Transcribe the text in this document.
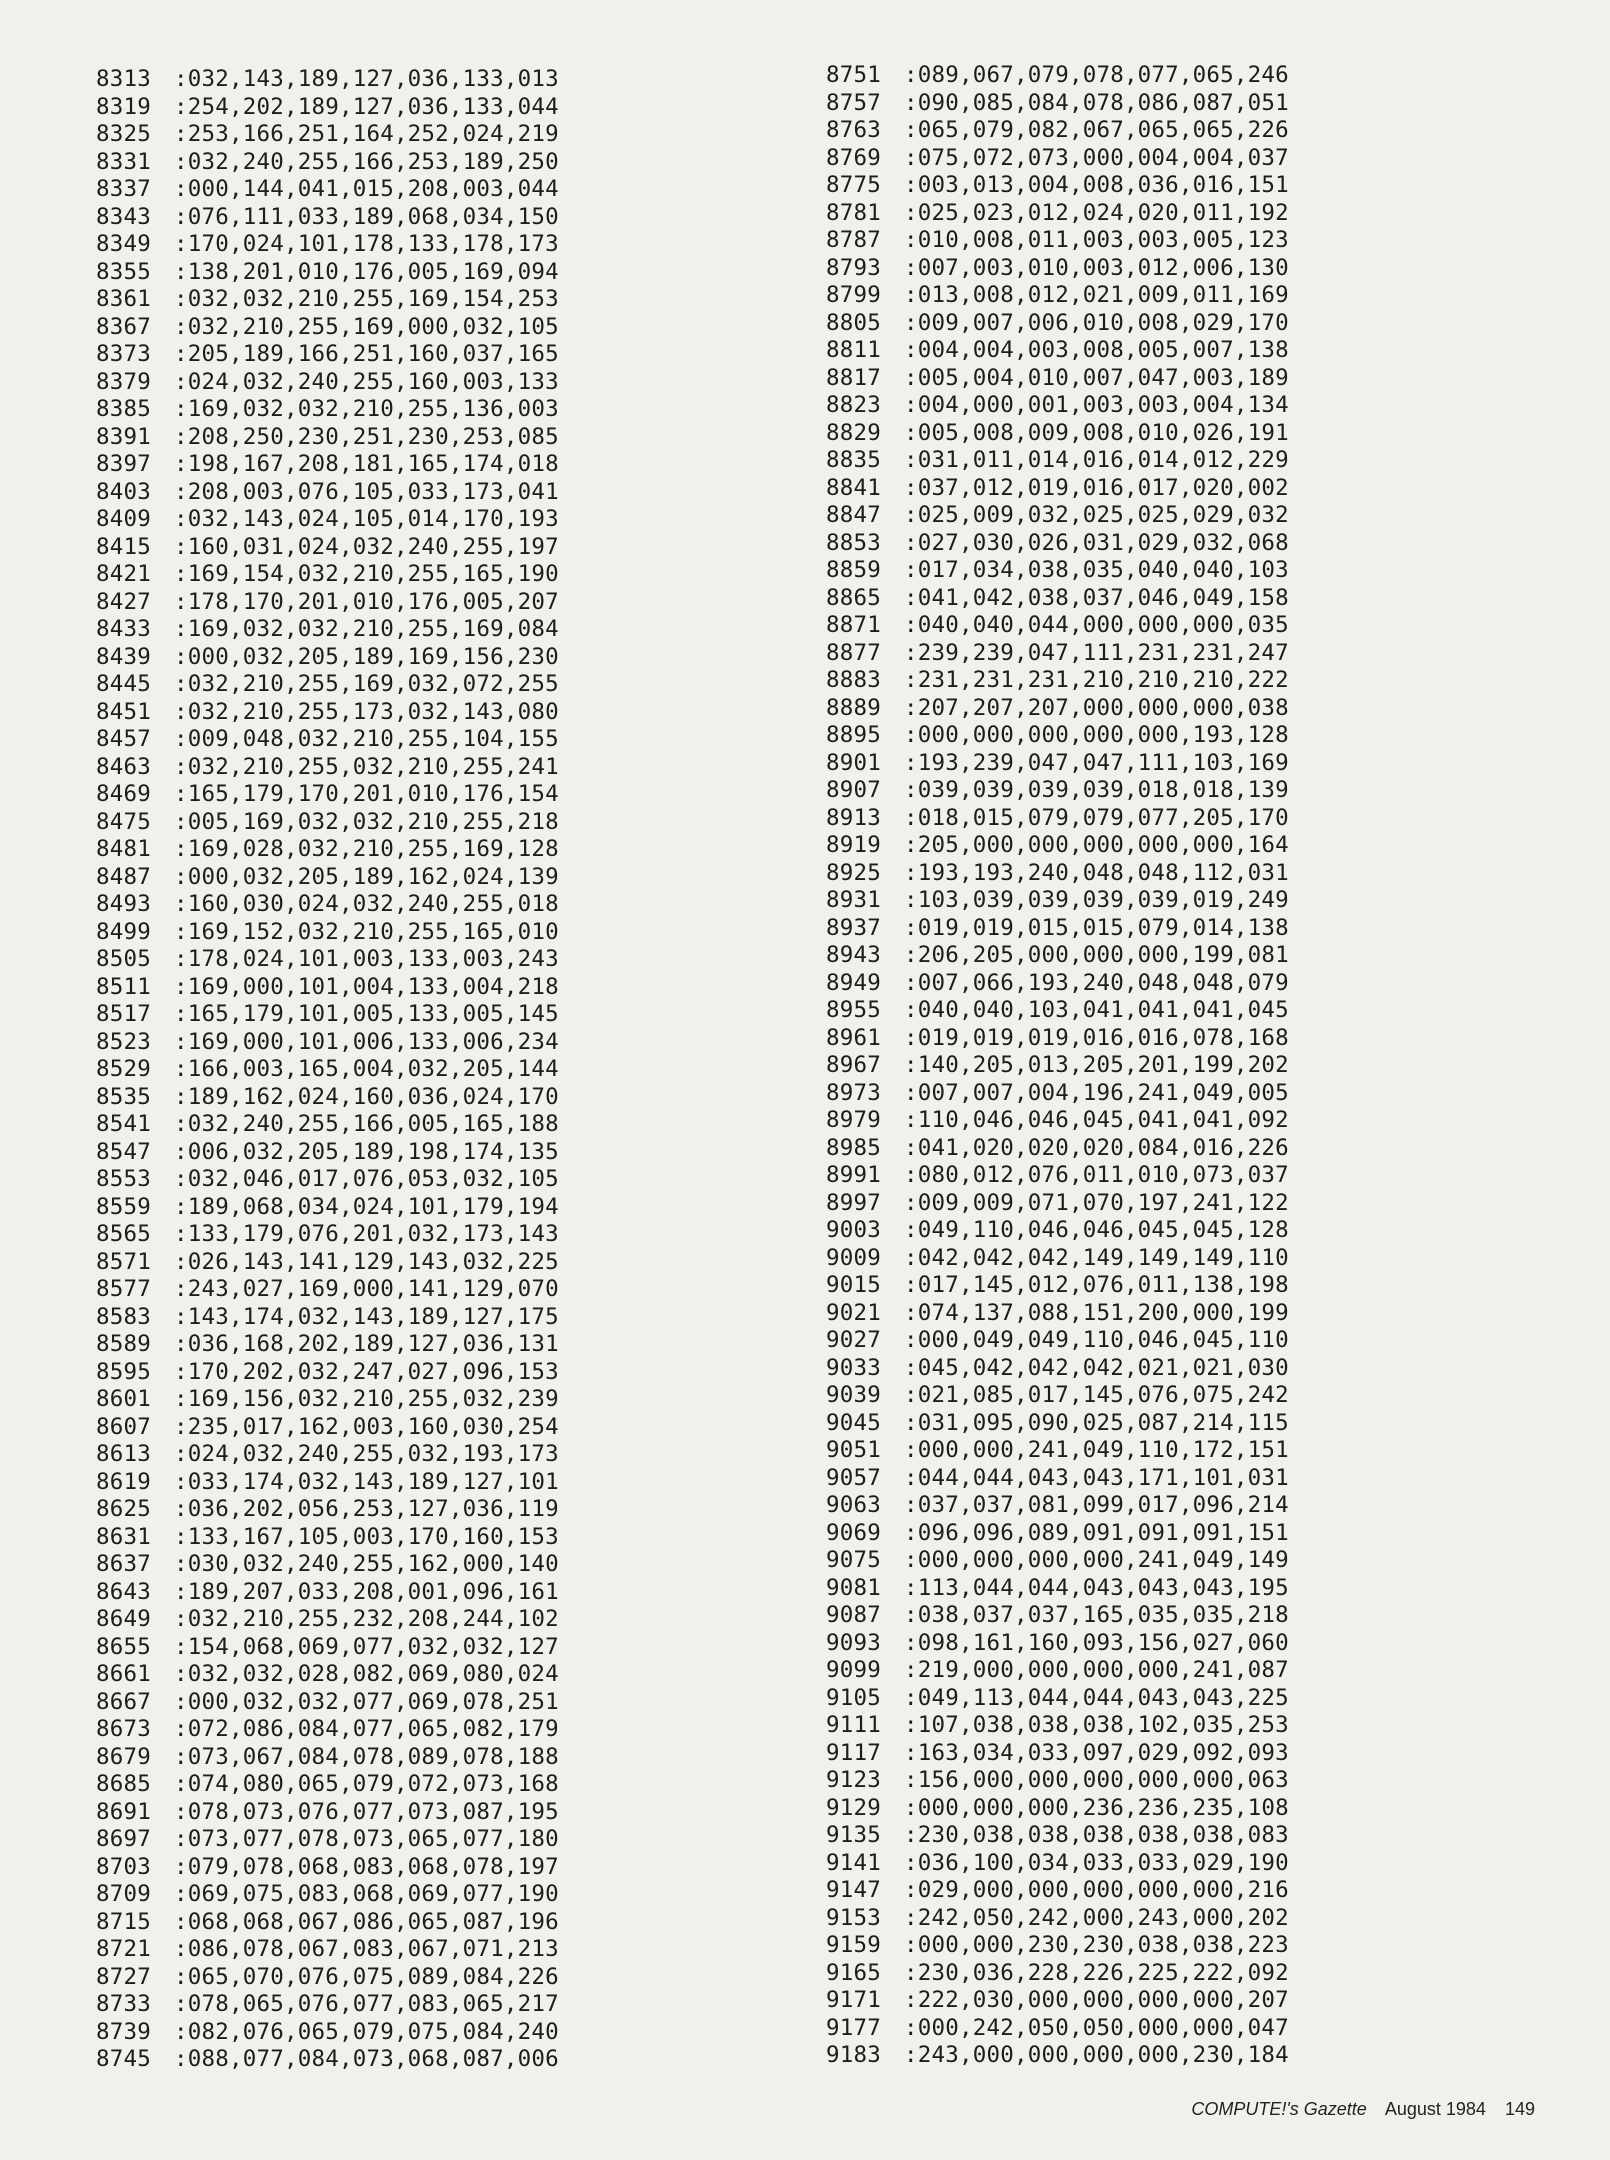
8313 :032,143,189,127,036,133,013
8319 :254,202,189,127,036,133,044
8325 :253,166,251,164,252,024,219
8331 :032,240,255,166,253,189,250
8337 :000,144,041,015,208,003,044
8343 :076,111,033,189,068,034,150
8349 :170,024,101,178,133,178,173
8355 :138,201,010,176,005,169,094
8361 :032,032,210,255,169,154,253
8367 :032,210,255,169,000,032,105
8373 :205,189,166,251,160,037,165
8379 :024,032,240,255,160,003,133
8385 :169,032,032,210,255,136,003
8391 :208,250,230,251,230,253,085
8397 :198,167,208,181,165,174,018
8403 :208,003,076,105,033,173,041
8409 :032,143,024,105,014,170,193
8415 :160,031,024,032,240,255,197
8421 :169,154,032,210,255,165,190
8427 :178,170,201,010,176,005,207
8433 :169,032,032,210,255,169,084
8439 :000,032,205,189,169,156,230
8445 :032,210,255,169,032,072,255
8451 :032,210,255,173,032,143,080
8457 :009,048,032,210,255,104,155
8463 :032,210,255,032,210,255,241
8469 :165,179,170,201,010,176,154
8475 :005,169,032,032,210,255,218
8481 :169,028,032,210,255,169,128
8487 :000,032,205,189,162,024,139
8493 :160,030,024,032,240,255,018
8499 :169,152,032,210,255,165,010
8505 :178,024,101,003,133,003,243
8511 :169,000,101,004,133,004,218
8517 :165,179,101,005,133,005,145
8523 :169,000,101,006,133,006,234
8529 :166,003,165,004,032,205,144
8535 :189,162,024,160,036,024,170
8541 :032,240,255,166,005,165,188
8547 :006,032,205,189,198,174,135
8553 :032,046,017,076,053,032,105
8559 :189,068,034,024,101,179,194
8565 :133,179,076,201,032,173,143
8571 :026,143,141,129,143,032,225
8577 :243,027,169,000,141,129,070
8583 :143,174,032,143,189,127,175
8589 :036,168,202,189,127,036,131
8595 :170,202,032,247,027,096,153
8601 :169,156,032,210,255,032,239
8607 :235,017,162,003,160,030,254
8613 :024,032,240,255,032,193,173
8619 :033,174,032,143,189,127,101
8625 :036,202,056,253,127,036,119
8631 :133,167,105,003,170,160,153
8637 :030,032,240,255,162,000,140
8643 :189,207,033,208,001,096,161
8649 :032,210,255,232,208,244,102
8655 :154,068,069,077,032,032,127
8661 :032,032,028,082,069,080,024
8667 :000,032,032,077,069,078,251
8673 :072,086,084,077,065,082,179
8679 :073,067,084,078,089,078,188
8685 :074,080,065,079,072,073,168
8691 :078,073,076,077,073,087,195
8697 :073,077,078,073,065,077,180
8703 :079,078,068,083,068,078,197
8709 :069,075,083,068,069,077,190
8715 :068,068,067,086,065,087,196
8721 :086,078,067,083,067,071,213
8727 :065,070,076,075,089,084,226
8733 :078,065,076,077,083,065,217
8739 :082,076,065,079,075,084,240
8745 :088,077,084,073,068,087,006
8751 :089,067,079,078,077,065,246
8757 :090,085,084,078,086,087,051
8763 :065,079,082,067,065,065,226
8769 :075,072,073,000,004,004,037
8775 :003,013,004,008,036,016,151
8781 :025,023,012,024,020,011,192
8787 :010,008,011,003,003,005,123
8793 :007,003,010,003,012,006,130
8799 :013,008,012,021,009,011,169
8805 :009,007,006,010,008,029,170
8811 :004,004,003,008,005,007,138
8817 :005,004,010,007,047,003,189
8823 :004,000,001,003,003,004,134
8829 :005,008,009,008,010,026,191
8835 :031,011,014,016,014,012,229
8841 :037,012,019,016,017,020,002
8847 :025,009,032,025,025,029,032
8853 :027,030,026,031,029,032,068
8859 :017,034,038,035,040,040,103
8865 :041,042,038,037,046,049,158
8871 :040,040,044,000,000,000,035
8877 :239,239,047,111,231,231,247
8883 :231,231,231,210,210,210,222
8889 :207,207,207,000,000,000,038
8895 :000,000,000,000,000,193,128
8901 :193,239,047,047,111,103,169
8907 :039,039,039,039,018,018,139
8913 :018,015,079,079,077,205,170
8919 :205,000,000,000,000,000,164
8925 :193,193,240,048,048,112,031
8931 :103,039,039,039,039,019,249
8937 :019,019,015,015,079,014,138
8943 :206,205,000,000,000,199,081
8949 :007,066,193,240,048,048,079
8955 :040,040,103,041,041,041,045
8961 :019,019,019,016,016,078,168
8967 :140,205,013,205,201,199,202
8973 :007,007,004,196,241,049,005
8979 :110,046,046,045,041,041,092
8985 :041,020,020,020,084,016,226
8991 :080,012,076,011,010,073,037
8997 :009,009,071,070,197,241,122
9003 :049,110,046,046,045,045,128
9009 :042,042,042,149,149,149,110
9015 :017,145,012,076,011,138,198
9021 :074,137,088,151,200,000,199
9027 :000,049,049,110,046,045,110
9033 :045,042,042,042,021,021,030
9039 :021,085,017,145,076,075,242
9045 :031,095,090,025,087,214,115
9051 :000,000,241,049,110,172,151
9057 :044,044,043,043,171,101,031
9063 :037,037,081,099,017,096,214
9069 :096,096,089,091,091,091,151
9075 :000,000,000,000,241,049,149
9081 :113,044,044,043,043,043,195
9087 :038,037,037,165,035,035,218
9093 :098,161,160,093,156,027,060
9099 :219,000,000,000,000,241,087
9105 :049,113,044,044,043,043,225
9111 :107,038,038,038,102,035,253
9117 :163,034,033,097,029,092,093
9123 :156,000,000,000,000,000,063
9129 :000,000,000,236,236,235,108
9135 :230,038,038,038,038,038,083
9141 :036,100,034,033,033,029,190
9147 :029,000,000,000,000,000,216
9153 :242,050,242,000,243,000,202
9159 :000,000,230,230,038,038,223
9165 :230,036,228,226,225,222,092
9171 :222,030,000,000,000,000,207
9177 :000,242,050,050,000,000,047
9183 :243,000,000,000,000,230,184
COMPUTE!'s Gazette August 1984 149
